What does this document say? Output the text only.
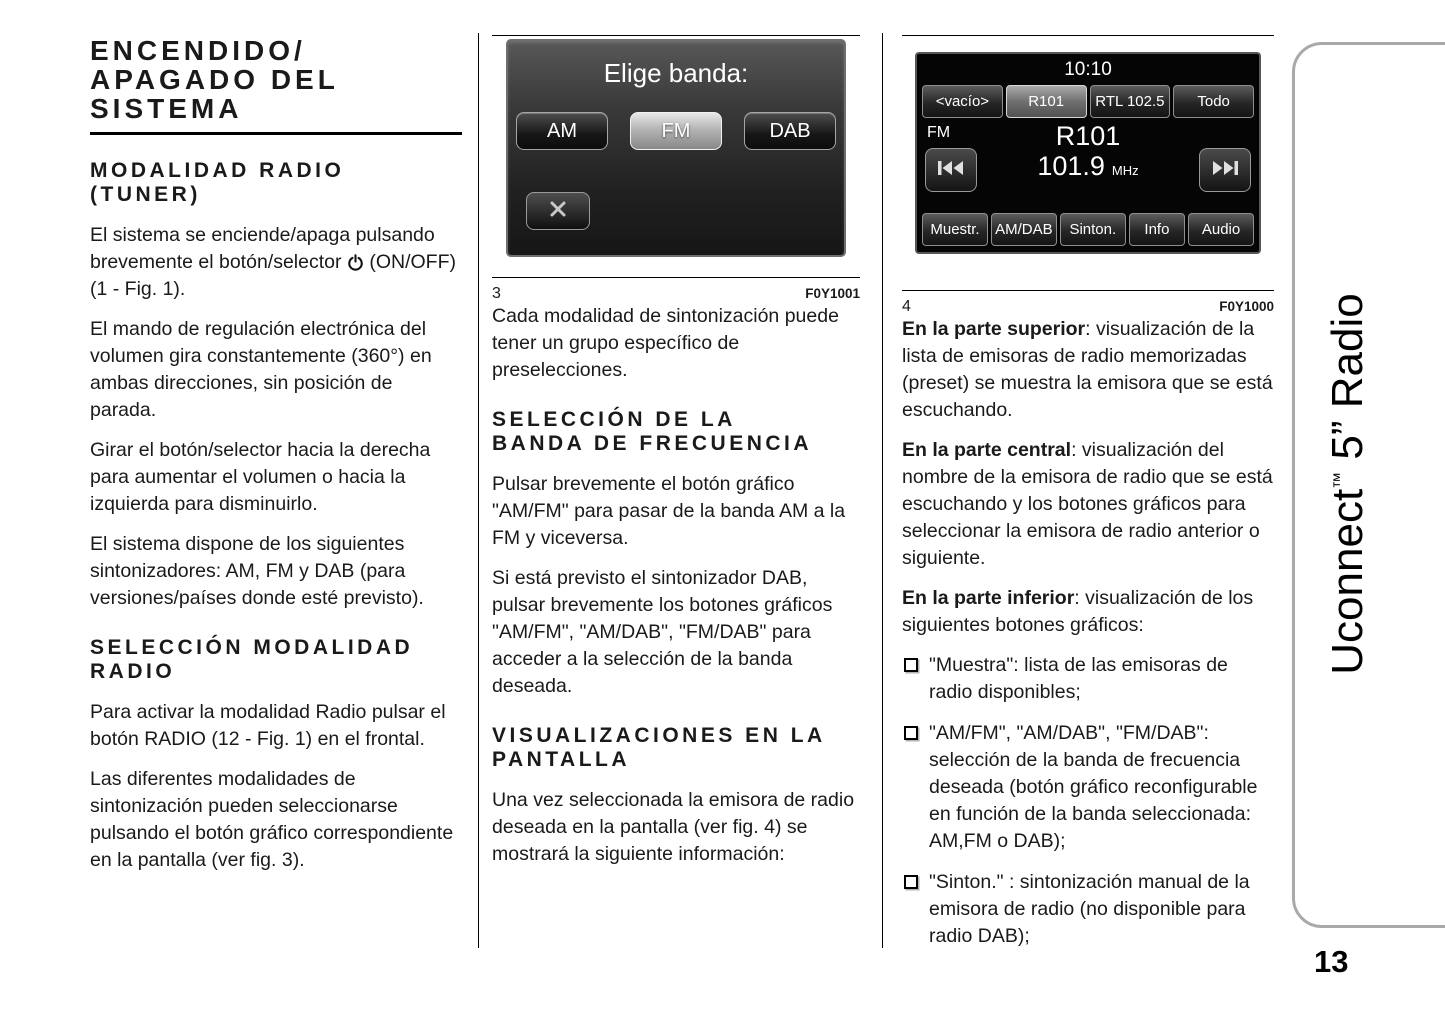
ENCENDIDO/
APAGADO DEL
SISTEMA
MODALIDAD RADIO
(TUNER)

El sistema se enciende/apaga pulsando brevemente el botón/selector (ON/OFF) (1 - Fig. 1).

El mando de regulación electrónica del volumen gira constantemente (360°) en ambas direcciones, sin posición de parada.

Girar el botón/selector hacia la derecha para aumentar el volumen o hacia la izquierda para disminuirlo.

El sistema dispone de los siguientes sintonizadores: AM, FM y DAB (para versiones/países donde esté previsto).

SELECCIÓN MODALIDAD
RADIO

Para activar la modalidad Radio pulsar el botón RADIO (12 - Fig. 1) en el frontal.

Las diferentes modalidades de sintonización pueden seleccionarse pulsando el botón gráfico correspondiente en la pantalla (ver fig. 3).

Elige banda:
AM	FM	DAB
3	F0Y1001

Cada modalidad de sintonización puede tener un grupo específico de preselecciones.

SELECCIÓN DE LA
BANDA DE FRECUENCIA

Pulsar brevemente el botón gráfico "AM/FM" para pasar de la banda AM a la FM y viceversa.

Si está previsto el sintonizador DAB, pulsar brevemente los botones gráficos "AM/FM", "AM/DAB", "FM/DAB" para acceder a la selección de la banda deseada.

VISUALIZACIONES EN LA
PANTALLA

Una vez seleccionada la emisora de radio deseada en la pantalla (ver fig. 4) se mostrará la siguiente información:

10:10
<vacío>	R101	RTL 102.5	Todo
FM	R101
101.9 MHz
Muestr.	AM/DAB	Sinton.	Info	Audio
4	F0Y1000

En la parte superior: visualización de la lista de emisoras de radio memorizadas (preset) se muestra la emisora que se está escuchando.

En la parte central: visualización del nombre de la emisora de radio que se está escuchando y los botones gráficos para seleccionar la emisora de radio anterior o siguiente.

En la parte inferior: visualización de los siguientes botones gráficos:

"Muestra": lista de las emisoras de radio disponibles;
"AM/FM", "AM/DAB", "FM/DAB": selección de la banda de frecuencia deseada (botón gráfico reconfigurable en función de la banda seleccionada: AM,FM o DAB);
"Sinton." : sintonización manual de la emisora de radio (no disponible para radio DAB);
Uconnect™ 5” Radio
13
